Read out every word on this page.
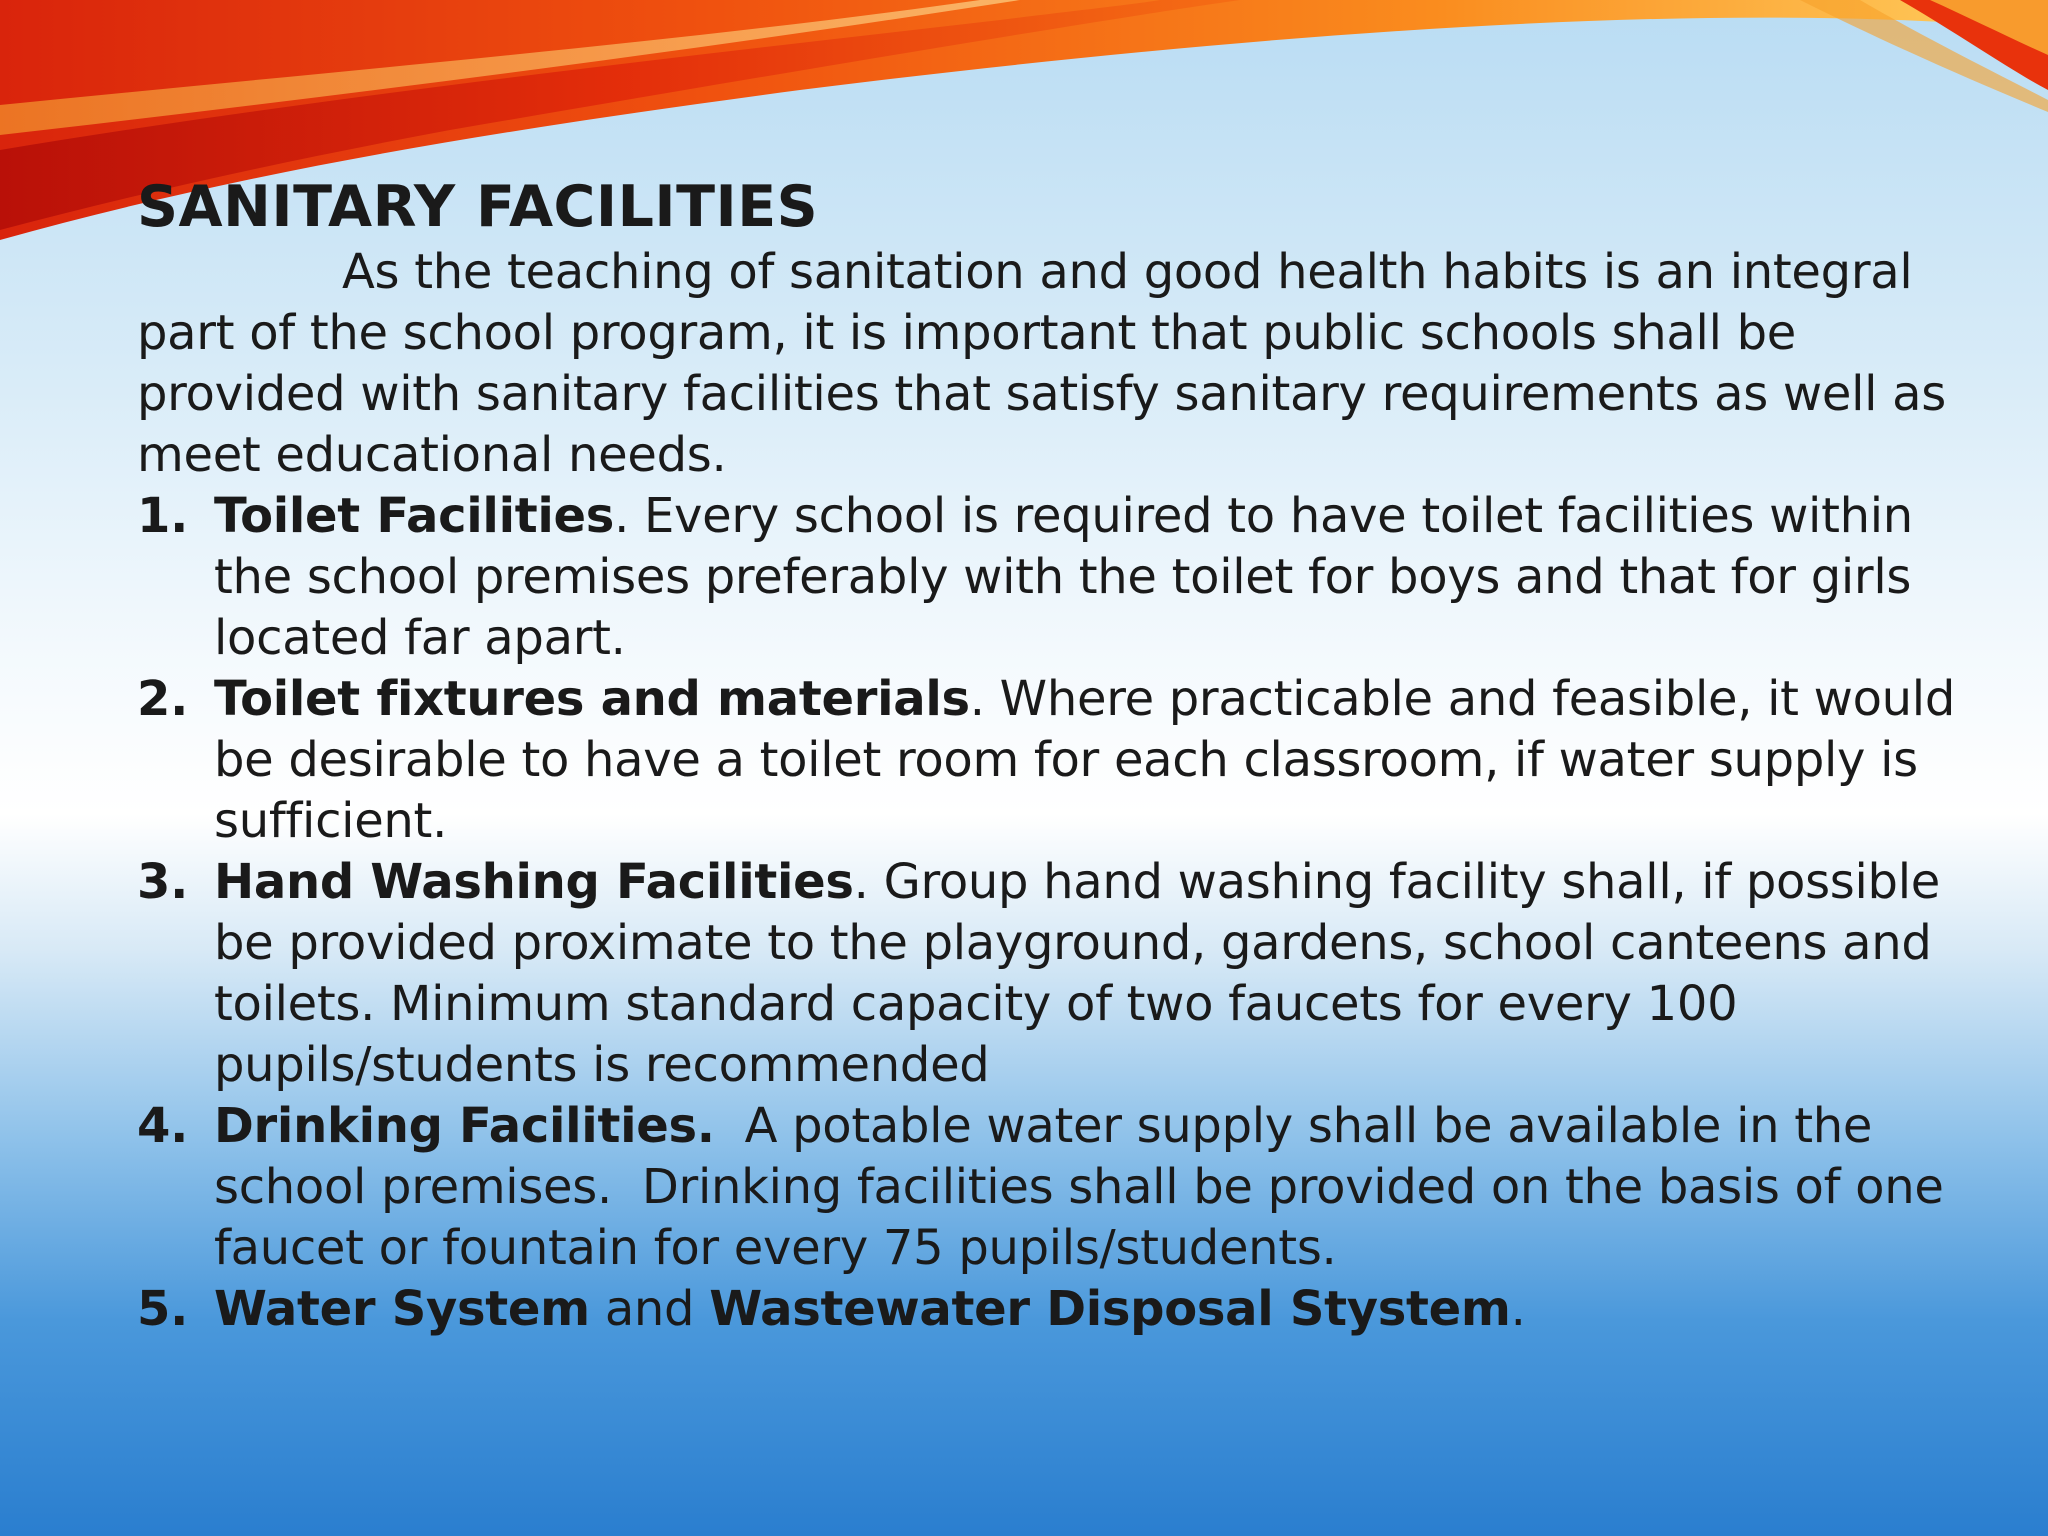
SANITARY FACILITIES

As the teaching of sanitation and good health habits is an integral part of the school program, it is important that public schools shall be provided with sanitary facilities that satisfy sanitary requirements as well as meet educational needs.

1. Toilet Facilities. Every school is required to have toilet facilities within the school premises preferably with the toilet for boys and that for girls located far apart.
2. Toilet fixtures and materials. Where practicable and feasible, it would be desirable to have a toilet room for each classroom, if water supply is sufficient.
3. Hand Washing Facilities. Group hand washing facility shall, if possible be provided proximate to the playground, gardens, school canteens and toilets. Minimum standard capacity of two faucets for every 100 pupils/students is recommended
4. Drinking Facilities.  A potable water supply shall be available in the school premises.  Drinking facilities shall be provided on the basis of one faucet or fountain for every 75 pupils/students.
5. Water System and Wastewater Disposal Stystem.
